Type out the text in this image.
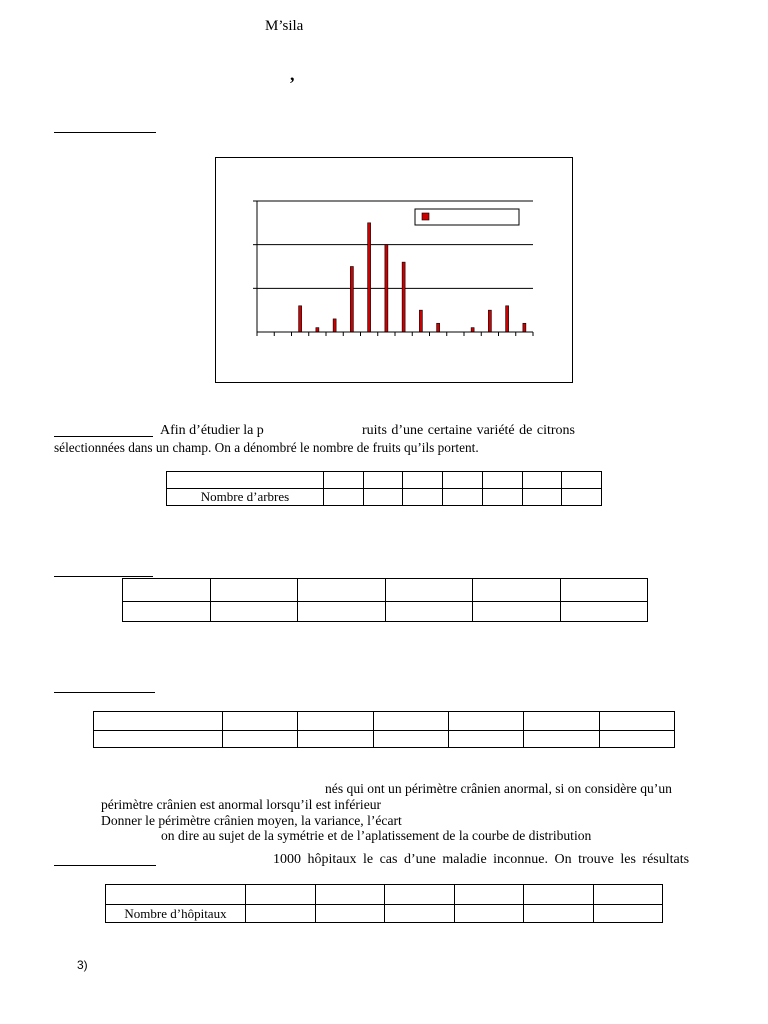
M’sila
,
Afin d’étudier la p	ruits d’une certaine variété de citrons
sélectionnées dans un champ. On a dénombré le nombre de fruits qu’ils portent.

Nombre d’arbres							

nés qui ont un périmètre crânien anormal, si on considère qu’un
périmètre crânien est anormal lorsqu’il est inférieur
Donner le périmètre crânien moyen, la variance, l’écart
on dire au sujet de la symétrie et de l’aplatissement de la courbe de distribution
1000 hôpitaux le cas d’une maladie inconnue. On trouve les résultats

Nombre d’hôpitaux						
3)
